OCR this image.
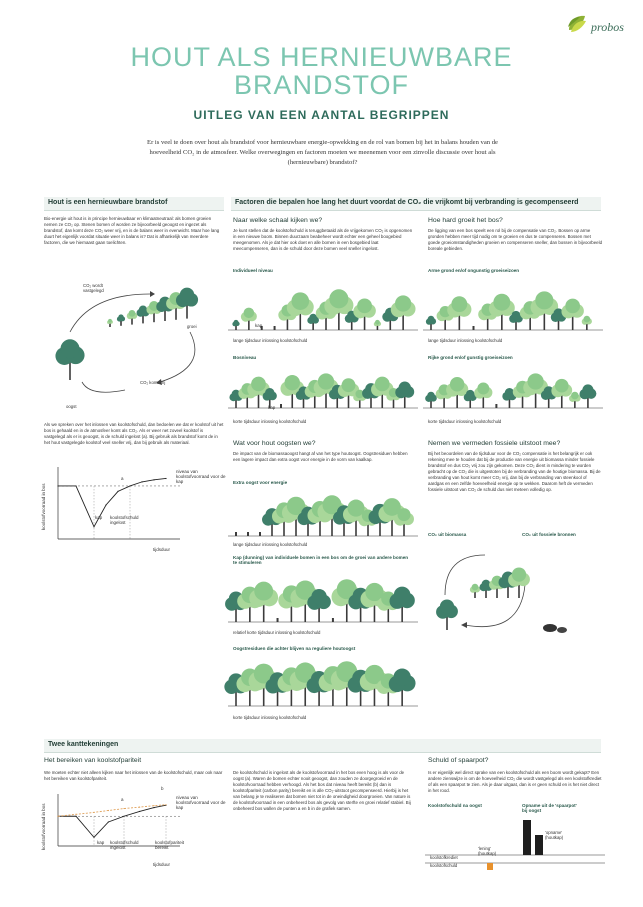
probos
HOUT ALS HERNIEUWBARE
BRANDSTOF
UITLEG VAN EEN AANTAL BEGRIPPEN
Er is veel te doen over hout als brandstof voor hernieuwbare energie-opwekking en de rol van bomen bij het in balans houden van de hoeveelheid CO₂ in de atmosfeer. Welke overwegingen en factoren moeten we meenemen voor een zinvolle discussie over hout als (hernieuwbare) brandstof?
Hout is een hernieuwbare brandstof
Bio-energie uit hout is in principe hernieuwbaar en klimaatneutraal: als bomen groeien nemen ze CO₂ op. Stenen bomen of worden ze bijvoorbeeld geoogst en ingezet als brandstof, dan komt deze CO₂ weer vrij, en is de balans weer in evenwicht. Maar hoe lang duurt het eigenlijk voordat situatie weer in balans is? Dat is afhankelijk van meerdere factoren, die we hiernaast gaan toelichten.
CO₂ wordt vastgelegd
groei
CO₂ komt vrij
oogst
Als we spreken over het inlossen van koolstofschuld, dan bedoelen we dat er koolstof uit het bos is gehaald en in de atmosfeer komt als CO₂. Als er weer net zoveel koolstof is vastgelegd als er is geoogst, is de schuld ingelost (a). Bij gebruik als brandstof komt de in het hout vastgelegde koolstof veel sneller vrij, dan bij gebruik als materiaal.
koolstofvoorraad in bos
tijdsduur
niveau van koolstofvoorraad voor de kap
kap koolstofschuld ingelost
a
Factoren die bepalen hoe lang het duurt voordat de CO₂ die vrijkomt bij verbranding is gecompenseerd
Naar welke schaal kijken we?
Je kunt stellen dat de koolstofschuld is teruggbetaald als de vrijgekomen CO₂ is opgenomen in een nieuwe boom. Binnen duurzaam beabeheer wordt echter een geheel boogebied meegenomen. Als je dat hier ook doet en alle bomen in een bosgebied laat meecompenseren, dan is de schuld door deze bomen veel sneller ingelost.
Individueel niveau
kap
lange tijdsduur inlossing koolstofschuld
Bosniveau
kap
korte tijdsduur inlossing koolstofschuld
Hoe hard groeit het bos?
De ligging van een bos speelt een rol bij de compensatie van CO₂. Bossen op arme gronden hebben meer tijd nodig om te groeien en dus te compenseren. Bossen met goede groeiomstandigheden groeien en compenseren sneller, dan bossen in bijvoorbeeld boreale gebieden.
Arme grond en/of ongunstig groeiseizoen
lange tijdsduur inlossing koolstofschuld
Rijke grond en/of gunstig groeiseizoen
korte tijdsduur inlossing koolstofschuld
Wat voor hout oogsten we?
De impact van de biomassaoogst hangt af van het type houtoogst. Oogstresiduen hebben een lagere impact dan extra oogst voor energie in de vorm van kaalkap.
Extra oogst voor energie
lange tijdsduur inlossing koolstofschuld
Kap (dunning) van individuele bomen in een bos om de groei van andere bomen te stimuleren
relatief korte tijdsduur inlossing koolstofschuld
Oogstresiduen die achter blijven na reguliere houtoogst
korte tijdsduur inlossing koolstofschuld
Nemen we vermeden fossiele uitstoot mee?
Bij het beoordelen van de tijdsduur voor de CO₂ compensatie is het belangrijk er ook rekening mee te houden dat bij de productie van energie uit biomassa minder fossiele brandstof en dus CO₂ vrij zou zijn gekomen. Deze CO₂ dient in mindering te worden gebracht op de CO₂ die is uitgestoten bij de verbranding van de houtige biomassa. Bij de verbranding van hout komt meer CO₂ vrij, dan bij de verbranding van steenkool of aardgas en een zelfde hoeveelheid energie op te wekken. Daarom heft de vermeden fossiele uitstoot van CO₂ de schuld dus niet meteen volledig op.
CO₂ uit biomassa	CO₂ uit fossiele bronnen
Twee kanttekeningen
Het bereiken van koolstofpariteit
We moeten echter niet alleen kijken naar het inlossen van de koolstofschuld, maar ook naar het bereiken van koolstofpariteit.
koolstofvoorraad in bos
tijdsduur
niveau van koolstofvoorraad voor de kap
kap koolstofschuld ingelost
koolstofpariteit bereikt
a
b
De koolstofschuld is ingelost als de koolstofvoorraad in het bos even hoog is als voor de oogst (a). Waren de bomen echter nooit geoogst, dan zouden ze doorgegroeid en de koolstofvoorraad hebben verhoogd. Als het bos dat niveau heeft bereikt (b) dan is koolstofpariteit (carbon parity) bereikt en is alle CO₂-uitstoot gecompenseerd. Hierbij is het van belang je te realiseren dat bomen niet tot in de oneindigheid doorgroeien. Van nature is de koolstofvoorraad in een onbeheerd bos als gevolg van sterfte en groei relatief stabiel. Bij onbeheerd bos wallen de punten a en b in de grafiek samen.
Schuld of spaarpot?
Is er eigenlijk wel direct sprake van een koolstofschuld als een boom wordt gekapt? Een andere zienswijze is om de hoeveelheid CO₂ die wordt vastgelegd als een koolstofkrediet of als een spaarpot te zien. Als je daar uitgaat, dan is er geen schuld en is het niet direct in het rood.
Koolstofschuld na oogst	Opname uit de 'spaarpot' bij oogst
'lening' (houtkap)
'opname' (houtkap)
koolstofkrediet
koolstofschuld
